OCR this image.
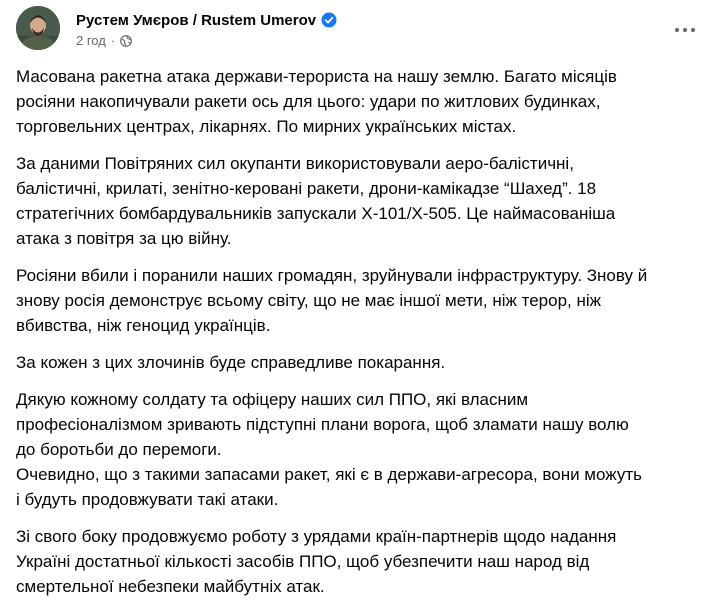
Рустем Умєров / Rustem Umerov
2 год ·

Масована ракетна атака держави-терориста на нашу землю. Багато місяців
росіяни накопичували ракети ось для цього: удари по житлових будинках,
торговельних центрах, лікарнях. По мирних українських містах.

За даними Повітряних сил окупанти використовували аеро-балістичні,
балістичні, крилаті, зенітно-керовані ракети, дрони-камікадзе “Шахед”. 18
стратегічних бомбардувальників запускали Х-101/Х-505. Це наймасованіша
атака з повітря за цю війну.

Росіяни вбили і поранили наших громадян, зруйнували інфраструктуру. Знову й
знову росія демонструє всьому світу, що не має іншої мети, ніж терор, ніж
вбивства, ніж геноцид українців.

За кожен з цих злочинів буде справедливе покарання.

Дякую кожному солдату та офіцеру наших сил ППО, які власним
професіоналізмом зривають підступні плани ворога, щоб зламати нашу волю
до боротьби до перемоги.
Очевидно, що з такими запасами ракет, які є в держави-агресора, вони можуть
і будуть продовжувати такі атаки.

Зі свого боку продовжуємо роботу з урядами країн-партнерів щодо надання
Україні достатньої кількості засобів ППО, щоб убезпечити наш народ від
смертельної небезпеки майбутніх атак.
